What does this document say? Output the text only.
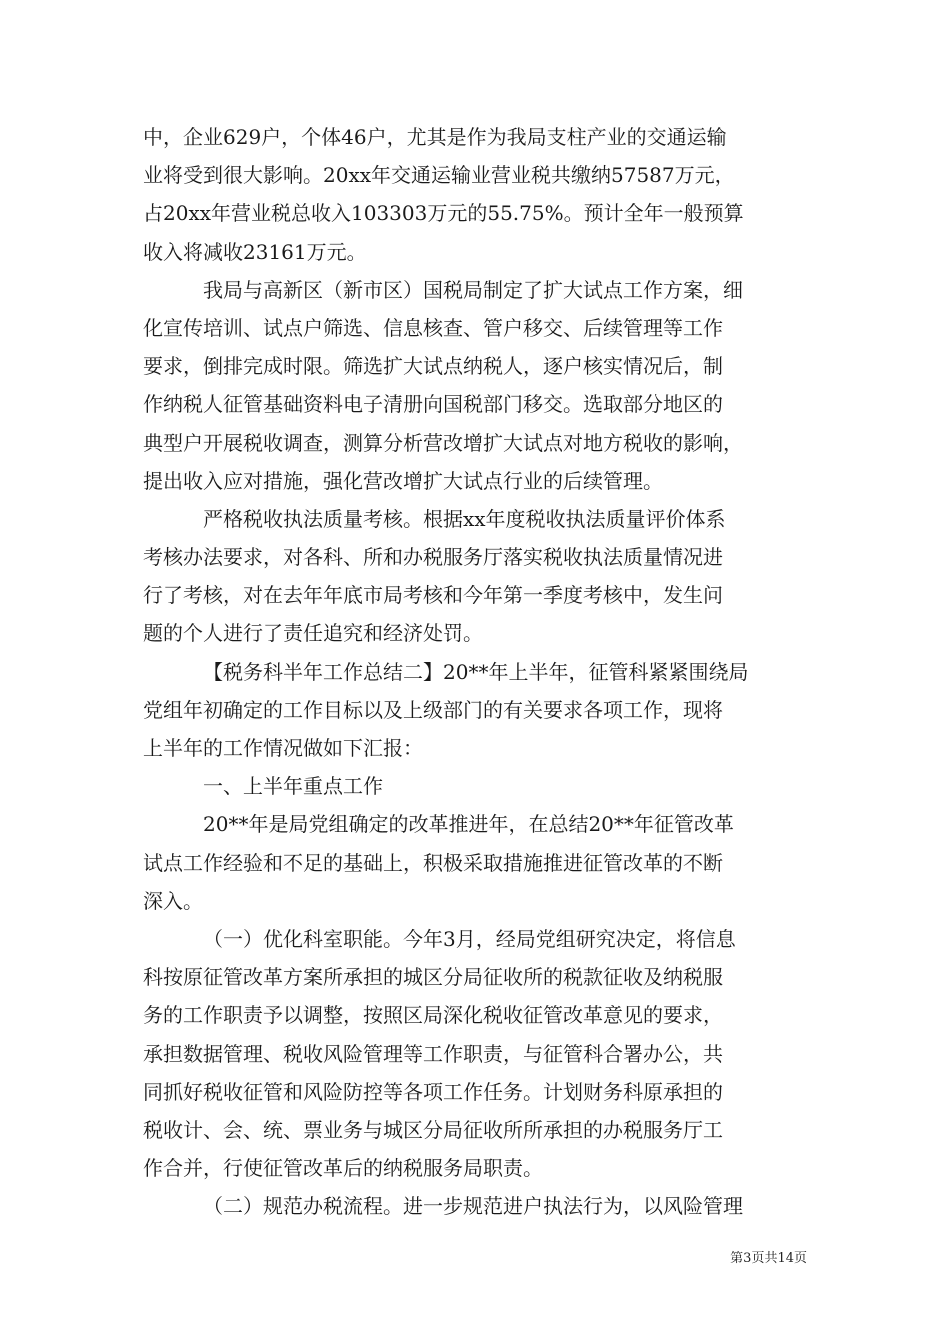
中，企业629户，个体46户，尤其是作为我局支柱产业的交通运输
业将受到很大影响。20xx年交通运输业营业税共缴纳57587万元，
占20xx年营业税总收入103303万元的55.75%。预计全年一般预算
收入将减收23161万元。
我局与高新区（新市区）国税局制定了扩大试点工作方案，细
化宣传培训、试点户筛选、信息核查、管户移交、后续管理等工作
要求，倒排完成时限。筛选扩大试点纳税人，逐户核实情况后，制
作纳税人征管基础资料电子清册向国税部门移交。选取部分地区的
典型户开展税收调查，测算分析营改增扩大试点对地方税收的影响，
提出收入应对措施，强化营改增扩大试点行业的后续管理。
严格税收执法质量考核。根据xx年度税收执法质量评价体系
考核办法要求，对各科、所和办税服务厅落实税收执法质量情况进
行了考核，对在去年年底市局考核和今年第一季度考核中，发生问
题的个人进行了责任追究和经济处罚。
【税务科半年工作总结二】20**年上半年，征管科紧紧围绕局
党组年初确定的工作目标以及上级部门的有关要求各项工作，现将
上半年的工作情况做如下汇报：
一、上半年重点工作
20**年是局党组确定的改革推进年，在总结20**年征管改革
试点工作经验和不足的基础上，积极采取措施推进征管改革的不断
深入。
（一）优化科室职能。今年3月，经局党组研究决定，将信息
科按原征管改革方案所承担的城区分局征收所的税款征收及纳税服
务的工作职责予以调整，按照区局深化税收征管改革意见的要求，
承担数据管理、税收风险管理等工作职责，与征管科合署办公，共
同抓好税收征管和风险防控等各项工作任务。计划财务科原承担的
税收计、会、统、票业务与城区分局征收所所承担的办税服务厅工
作合并，行使征管改革后的纳税服务局职责。
（二）规范办税流程。进一步规范进户执法行为，以风险管理
第3页共14页
